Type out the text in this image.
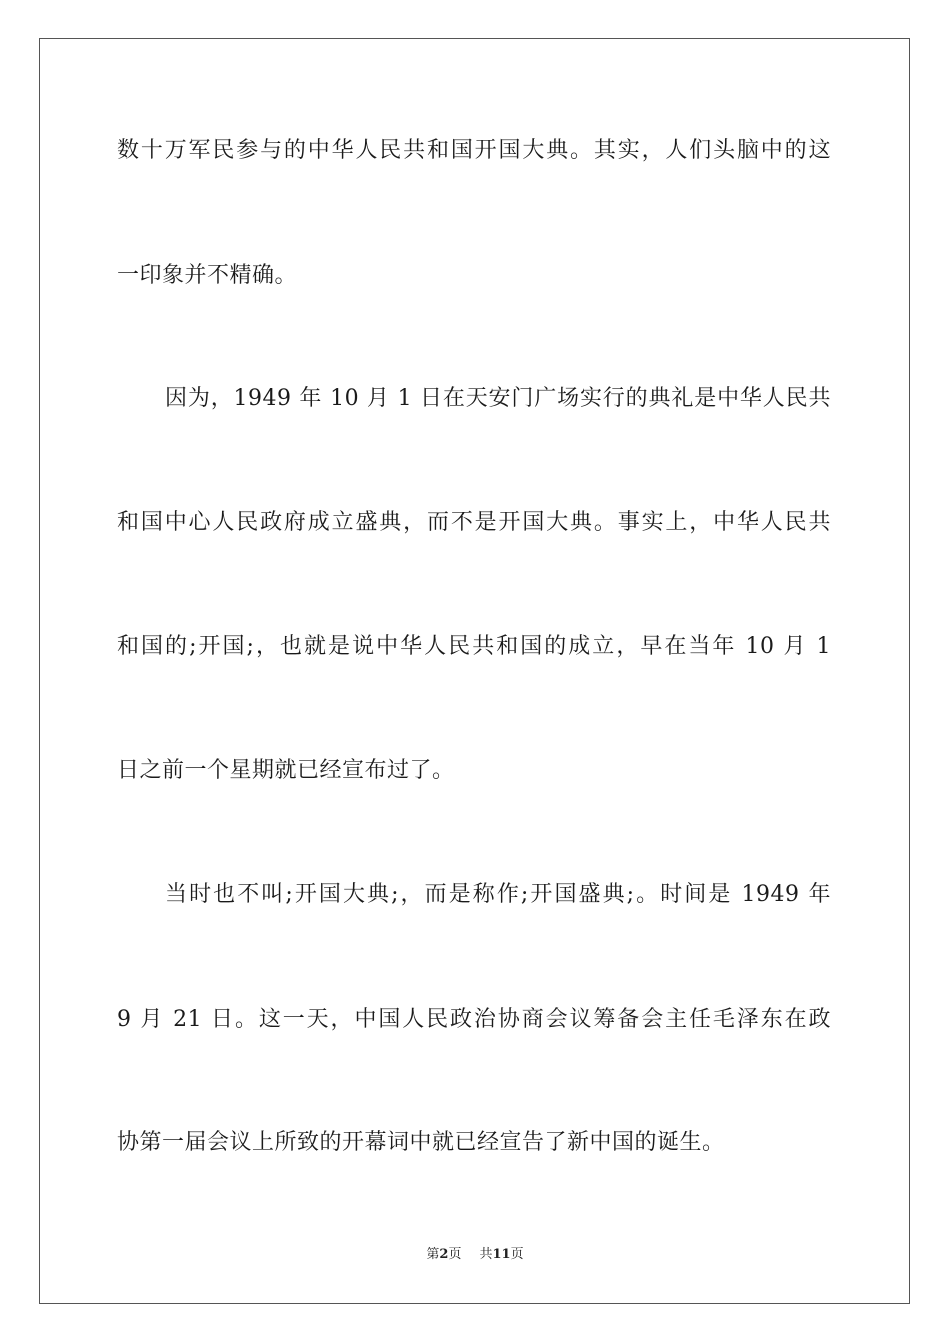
数十万军民参与的中华人民共和国开国大典。其实，人们头脑中的这
一印象并不精确。
因为，1949 年 10 月 1 日在天安门广场实行的典礼是中华人民共
和国中心人民政府成立盛典，而不是开国大典。事实上，中华人民共
和国的;开国;，也就是说中华人民共和国的成立，早在当年 10 月 1
日之前一个星期就已经宣布过了。
当时也不叫;开国大典;，而是称作;开国盛典;。时间是 1949 年
9 月 21 日。这一天，中国人民政治协商会议筹备会主任毛泽东在政
协第一届会议上所致的开幕词中就已经宣告了新中国的诞生。
第2页 共11页
